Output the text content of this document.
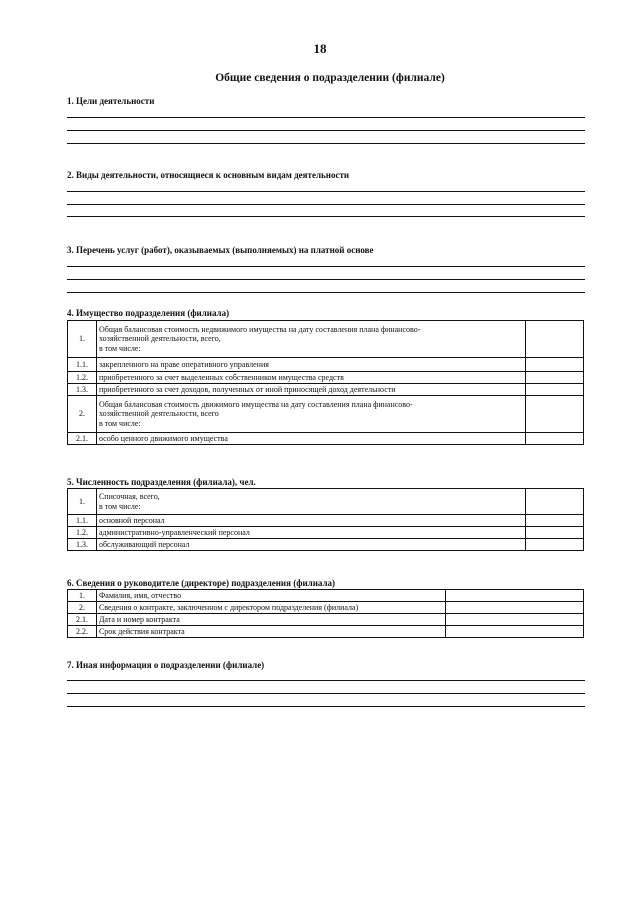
18
Общие сведения о подразделении (филиале)
1. Цели деятельности
2. Виды деятельности, относящиеся к основным видам деятельности
3. Перечень услуг (работ), оказываемых (выполняемых) на платной основе
4. Имущество подразделения (филиала)
1.	Общая балансовая стоимость недвижимого имущества на дату составления плана финансово-
хозяйственной деятельности, всего,
в том числе:	

1.1.	закрепленного на праве оперативного управления	
1.2.	приобретенного за счет выделенных собственником имущества средств	
1.3.	приобретенного за счет доходов, полученных от иной приносящей доход деятельности	
2.	Общая балансовая стоимость движимого имущества на дату составления плана финансово-
хозяйственной деятельности, всего
в том числе:	

2.1.	особо ценного движимого имущества	
5. Численность подразделения (филиала), чел.
1.	Списочная, всего,
в том числе:	

1.1.	основной персонал	
1.2.	административно-управленческий персонал	
1.3.	обслуживающий персонал	
6. Сведения о руководителе (директоре) подразделения (филиала)
1.	Фамилия, имя, отчество	
2.	Сведения о контракте, заключенном с директором подразделения (филиала)	
2.1.	Дата и номер контракта	
2.2.	Срок действия контракта	
7. Иная информация о подразделении (филиале)
